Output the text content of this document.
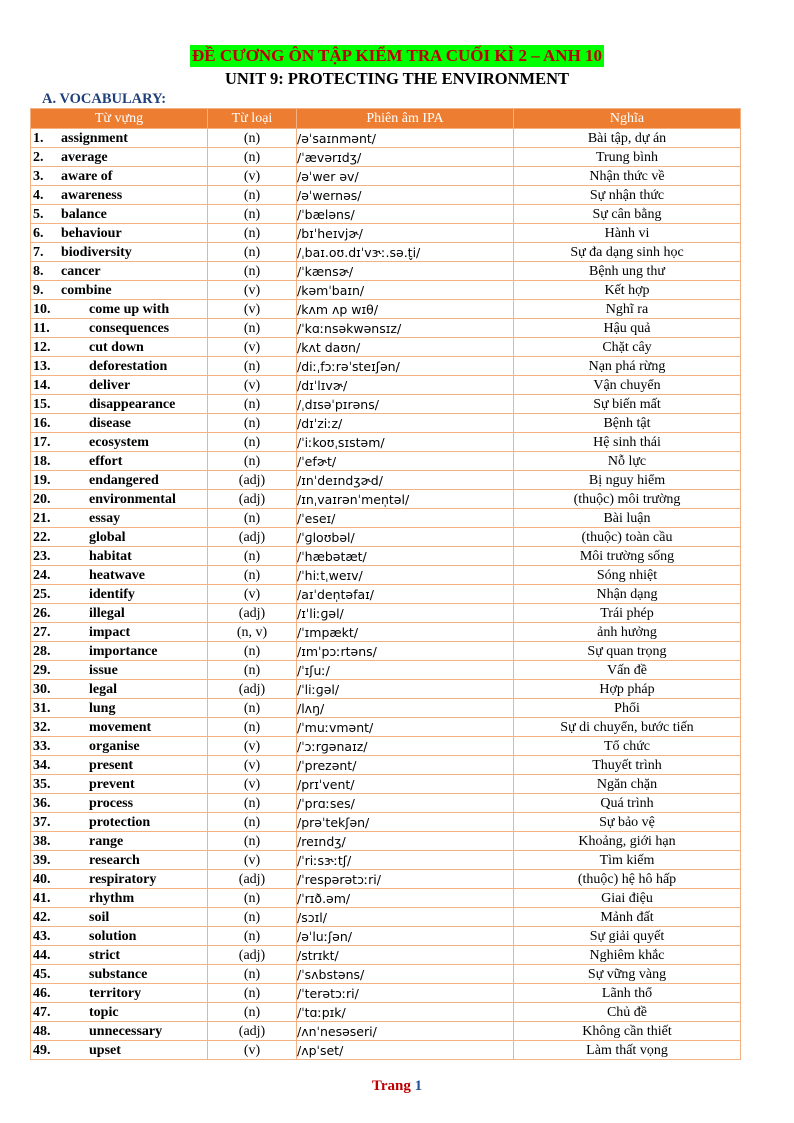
ĐỀ CƯƠNG ÔN TẬP KIỂM TRA CUỐI KÌ 2 – ANH 10
UNIT 9: PROTECTING THE ENVIRONMENT
A. VOCABULARY:
Từ vựng	Từ loại	Phiên âm IPA	Nghĩa
1. assignment	(n)	/əˈsaɪnmənt/	Bài tập, dự án
2. average	(n)	/ˈævərɪdʒ/	Trung bình
3. aware of	(v)	/əˈwer əv/	Nhận thức về
4. awareness	(n)	/əˈwernəs/	Sự nhận thức
5. balance	(n)	/ˈbæləns/	Sự cân bằng
6. behaviour	(n)	/bɪˈheɪvjɚ/	Hành vi
7. biodiversity	(n)	/ˌbaɪ.oʊ.dɪˈvɝː.sə.t̬i/	Sự đa dạng sinh học
8. cancer	(n)	/ˈkænsɚ/	Bệnh ung thư
9. combine	(v)	/kəmˈbaɪn/	Kết hợp
10. come up with	(v)	/kʌm ʌp wɪθ/	Nghĩ ra
11. consequences	(n)	/ˈkɑːnsəkwənsɪz/	Hậu quả
12. cut down	(v)	/kʌt daʊn/	Chặt cây
13. deforestation	(n)	/diːˌfɔːrəˈsteɪʃən/	Nạn phá rừng
14. deliver	(v)	/dɪˈlɪvɚ/	Vận chuyển
15. disappearance	(n)	/ˌdɪsəˈpɪrəns/	Sự biến mất
16. disease	(n)	/dɪˈziːz/	Bệnh tật
17. ecosystem	(n)	/ˈiːkoʊˌsɪstəm/	Hệ sinh thái
18. effort	(n)	/ˈefɚt/	Nỗ lực
19. endangered	(adj)	/ɪnˈdeɪndʒɚd/	Bị nguy hiểm
20. environmental	(adj)	/ɪnˌvaɪrənˈmen̩təl/	(thuộc) môi trường
21. essay	(n)	/ˈeseɪ/	Bài luận
22. global	(adj)	/ˈɡloʊbəl/	(thuộc) toàn cầu
23. habitat	(n)	/ˈhæbətæt/	Môi trường sống
24. heatwave	(n)	/ˈhiːtˌweɪv/	Sóng nhiệt
25. identify	(v)	/aɪˈden̩təfaɪ/	Nhận dạng
26. illegal	(adj)	/ɪˈliːɡəl/	Trái phép
27. impact	(n, v)	/ˈɪmpækt/	ảnh hưởng
28. importance	(n)	/ɪmˈpɔːrtəns/	Sự quan trọng
29. issue	(n)	/ˈɪʃuː/	Vấn đề
30. legal	(adj)	/ˈliːɡəl/	Hợp pháp
31. lung	(n)	/lʌŋ/	Phổi
32. movement	(n)	/ˈmuːvmənt/	Sự di chuyển, bước tiến
33. organise	(v)	/ˈɔːrɡənaɪz/	Tổ chức
34. present	(v)	/ˈprezənt/	Thuyết trình
35. prevent	(v)	/prɪˈvent/	Ngăn chặn
36. process	(n)	/ˈprɑːses/	Quá trình
37. protection	(n)	/prəˈtekʃən/	Sự bảo vệ
38. range	(n)	/reɪndʒ/	Khoảng, giới hạn
39. research	(v)	/ˈriːsɝːtʃ/	Tìm kiếm
40. respiratory	(adj)	/ˈrespərətɔːri/	(thuộc) hệ hô hấp
41. rhythm	(n)	/ˈrɪð.əm/	Giai điệu
42. soil	(n)	/sɔɪl/	Mảnh đất
43. solution	(n)	/əˈluːʃən/	Sự giải quyết
44. strict	(adj)	/strɪkt/	Nghiêm khắc
45. substance	(n)	/ˈsʌbstəns/	Sự vững vàng
46. territory	(n)	/ˈterətɔːri/	Lãnh thổ
47. topic	(n)	/ˈtɑːpɪk/	Chủ đề
48. unnecessary	(adj)	/ʌnˈnesəseri/	Không cần thiết
49. upset	(v)	/ʌpˈset/	Làm thất vọng
Trang 1
